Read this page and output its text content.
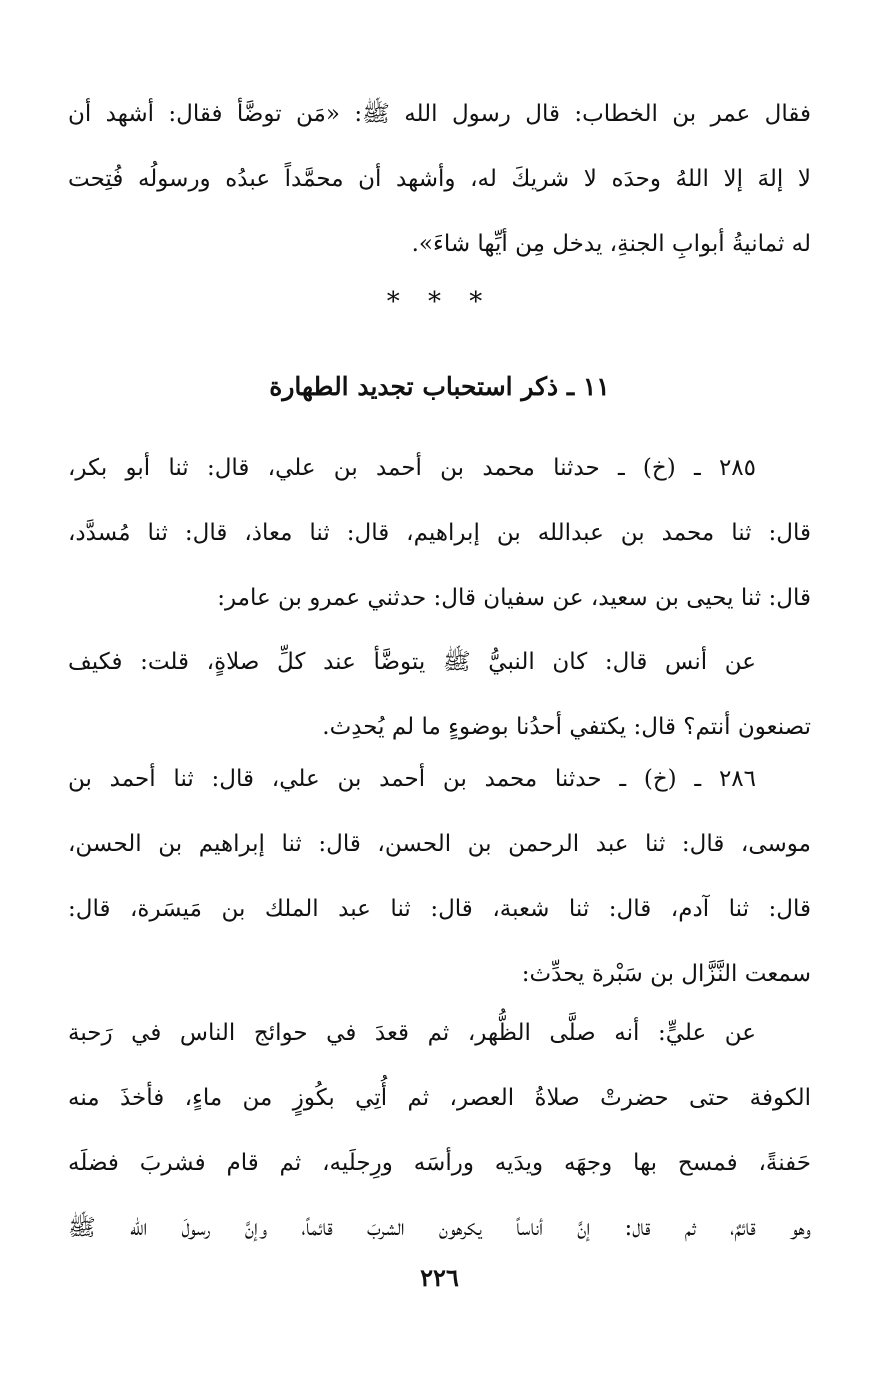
فقال عمر بن الخطاب: قال رسول الله ﷺ: «مَن توضَّأ فقال: أشهد أن
لا إلهَ إلا اللهُ وحدَه لا شريكَ له، وأشهد أن محمَّداً عبدُه ورسولُه فُتِحت
له ثمانيةُ أبوابِ الجنةِ، يدخل مِن أيِّها شاءَ».
* * *
١١ ـ ذكر استحباب تجديد الطهارة
٢٨٥ ـ (خ) ـ حدثنا محمد بن أحمد بن علي، قال: ثنا أبو بكر،
قال: ثنا محمد بن عبدالله بن إبراهيم، قال: ثنا معاذ، قال: ثنا مُسدَّد،
قال: ثنا يحيى بن سعيد، عن سفيان قال: حدثني عمرو بن عامر:
عن أنس قال: كان النبيُّ ﷺ يتوضَّأ عند كلِّ صلاةٍ، قلت: فكيف
تصنعون أنتم؟ قال: يكتفي أحدُنا بوضوءٍ ما لم يُحدِث.
٢٨٦ ـ (خ) ـ حدثنا محمد بن أحمد بن علي، قال: ثنا أحمد بن
موسى، قال: ثنا عبد الرحمن بن الحسن، قال: ثنا إبراهيم بن الحسن،
قال: ثنا آدم، قال: ثنا شعبة، قال: ثنا عبد الملك بن مَيسَرة، قال:
سمعت النَّزَّال بن سَبْرة يحدِّث:
عن عليٍّ: أنه صلَّى الظُّهر، ثم قعدَ في حوائج الناس في رَحبة
الكوفة حتى حضرتْ صلاةُ العصر، ثم أُتِي بكُوزٍ من ماءٍ، فأخذَ منه
حَفنةً، فمسح بها وجهَه ويدَيه ورأسَه ورِجلَيه، ثم قام فشربَ فضلَه
وهو قائمٌ، ثم قال: إنَّ أناساً يكرهون الشربَ قائماً، وإنَّ رسولَ الله ﷺ
٢٢٦
